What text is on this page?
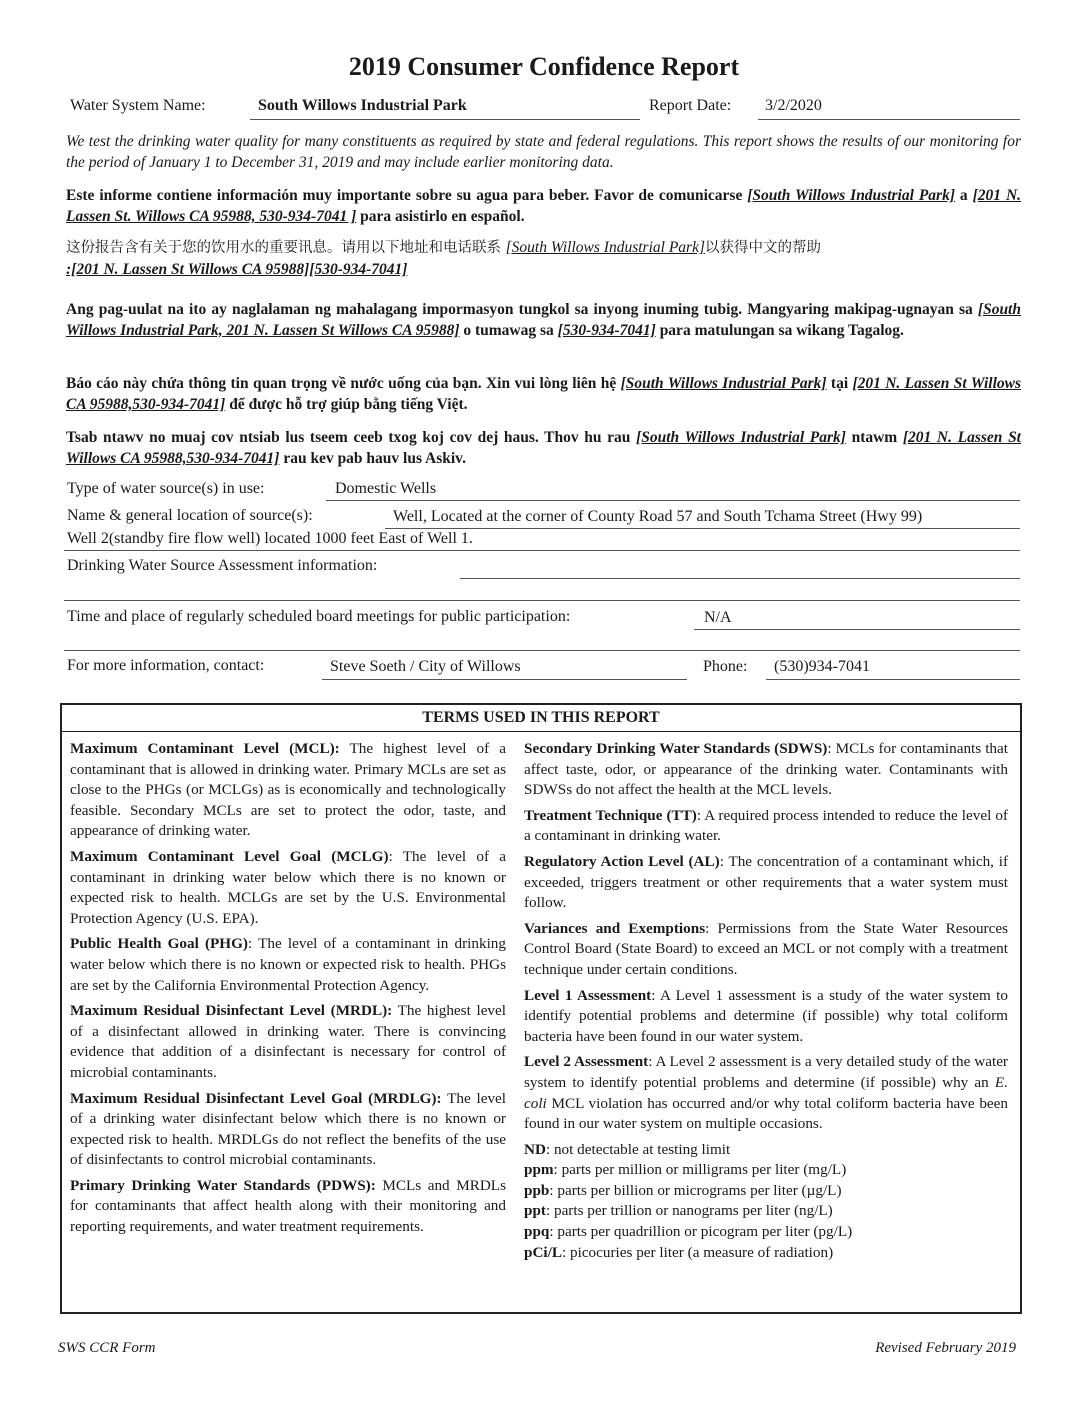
2019 Consumer Confidence Report
Water System Name:	South Willows Industrial Park	Report Date: 3/2/2020
We test the drinking water quality for many constituents as required by state and federal regulations. This report shows the results of our monitoring for the period of January 1 to December 31, 2019 and may include earlier monitoring data.
Este informe contiene información muy importante sobre su agua para beber. Favor de comunicarse [South Willows Industrial Park] a [201 N. Lassen St. Willows CA 95988, 530-934-7041 ] para asistirlo en español.
这份报告含有关于您的饮用水的重要讯息。请用以下地址和电话联系 [South Willows Industrial Park]以获得中文的帮助
:[201 N. Lassen St Willows CA 95988][530-934-7041]
Ang pag-uulat na ito ay naglalaman ng mahalagang impormasyon tungkol sa inyong inuming tubig. Mangyaring makipag-ugnayan sa [South Willows Industrial Park, 201 N. Lassen St Willows CA 95988] o tumawag sa [530-934-7041] para matulungan sa wikang Tagalog.
Báo cáo này chứa thông tin quan trọng về nước uống của bạn. Xin vui lòng liên hệ [South Willows Industrial Park] tại [201 N. Lassen St Willows CA 95988,530-934-7041] để được hỗ trợ giúp bằng tiếng Việt.
Tsab ntawv no muaj cov ntsiab lus tseem ceeb txog koj cov dej haus. Thov hu rau [South Willows Industrial Park] ntawm [201 N. Lassen St Willows CA 95988,530-934-7041] rau kev pab hauv lus Askiv.
Type of water source(s) in use:	Domestic Wells
Name & general location of source(s):	Well, Located at the corner of County Road 57 and South Tchama Street (Hwy 99)
Well 2(standby fire flow well) located 1000 feet East of Well 1.
Drinking Water Source Assessment information:
Time and place of regularly scheduled board meetings for public participation:	N/A
For more information, contact:	Steve Soeth / City of Willows	Phone: (530)934-7041
TERMS USED IN THIS REPORT

Maximum Contaminant Level (MCL): The highest level of a contaminant that is allowed in drinking water. Primary MCLs are set as close to the PHGs (or MCLGs) as is economically and technologically feasible. Secondary MCLs are set to protect the odor, taste, and appearance of drinking water.

Maximum Contaminant Level Goal (MCLG): The level of a contaminant in drinking water below which there is no known or expected risk to health. MCLGs are set by the U.S. Environmental Protection Agency (U.S. EPA).

Public Health Goal (PHG): The level of a contaminant in drinking water below which there is no known or expected risk to health. PHGs are set by the California Environmental Protection Agency.

Maximum Residual Disinfectant Level (MRDL): The highest level of a disinfectant allowed in drinking water. There is convincing evidence that addition of a disinfectant is necessary for control of microbial contaminants.

Maximum Residual Disinfectant Level Goal (MRDLG): The level of a drinking water disinfectant below which there is no known or expected risk to health. MRDLGs do not reflect the benefits of the use of disinfectants to control microbial contaminants.

Primary Drinking Water Standards (PDWS): MCLs and MRDLs for contaminants that affect health along with their monitoring and reporting requirements, and water treatment requirements.

Secondary Drinking Water Standards (SDWS): MCLs for contaminants that affect taste, odor, or appearance of the drinking water. Contaminants with SDWSs do not affect the health at the MCL levels.

Treatment Technique (TT): A required process intended to reduce the level of a contaminant in drinking water.

Regulatory Action Level (AL): The concentration of a contaminant which, if exceeded, triggers treatment or other requirements that a water system must follow.

Variances and Exemptions: Permissions from the State Water Resources Control Board (State Board) to exceed an MCL or not comply with a treatment technique under certain conditions.

Level 1 Assessment: A Level 1 assessment is a study of the water system to identify potential problems and determine (if possible) why total coliform bacteria have been found in our water system.

Level 2 Assessment: A Level 2 assessment is a very detailed study of the water system to identify potential problems and determine (if possible) why an E. coli MCL violation has occurred and/or why total coliform bacteria have been found in our water system on multiple occasions.

ND: not detectable at testing limit
ppm: parts per million or milligrams per liter (mg/L)
ppb: parts per billion or micrograms per liter (µg/L)
ppt: parts per trillion or nanograms per liter (ng/L)
ppq: parts per quadrillion or picogram per liter (pg/L)
pCi/L: picocuries per liter (a measure of radiation)
SWS CCR Form	Revised February 2019
